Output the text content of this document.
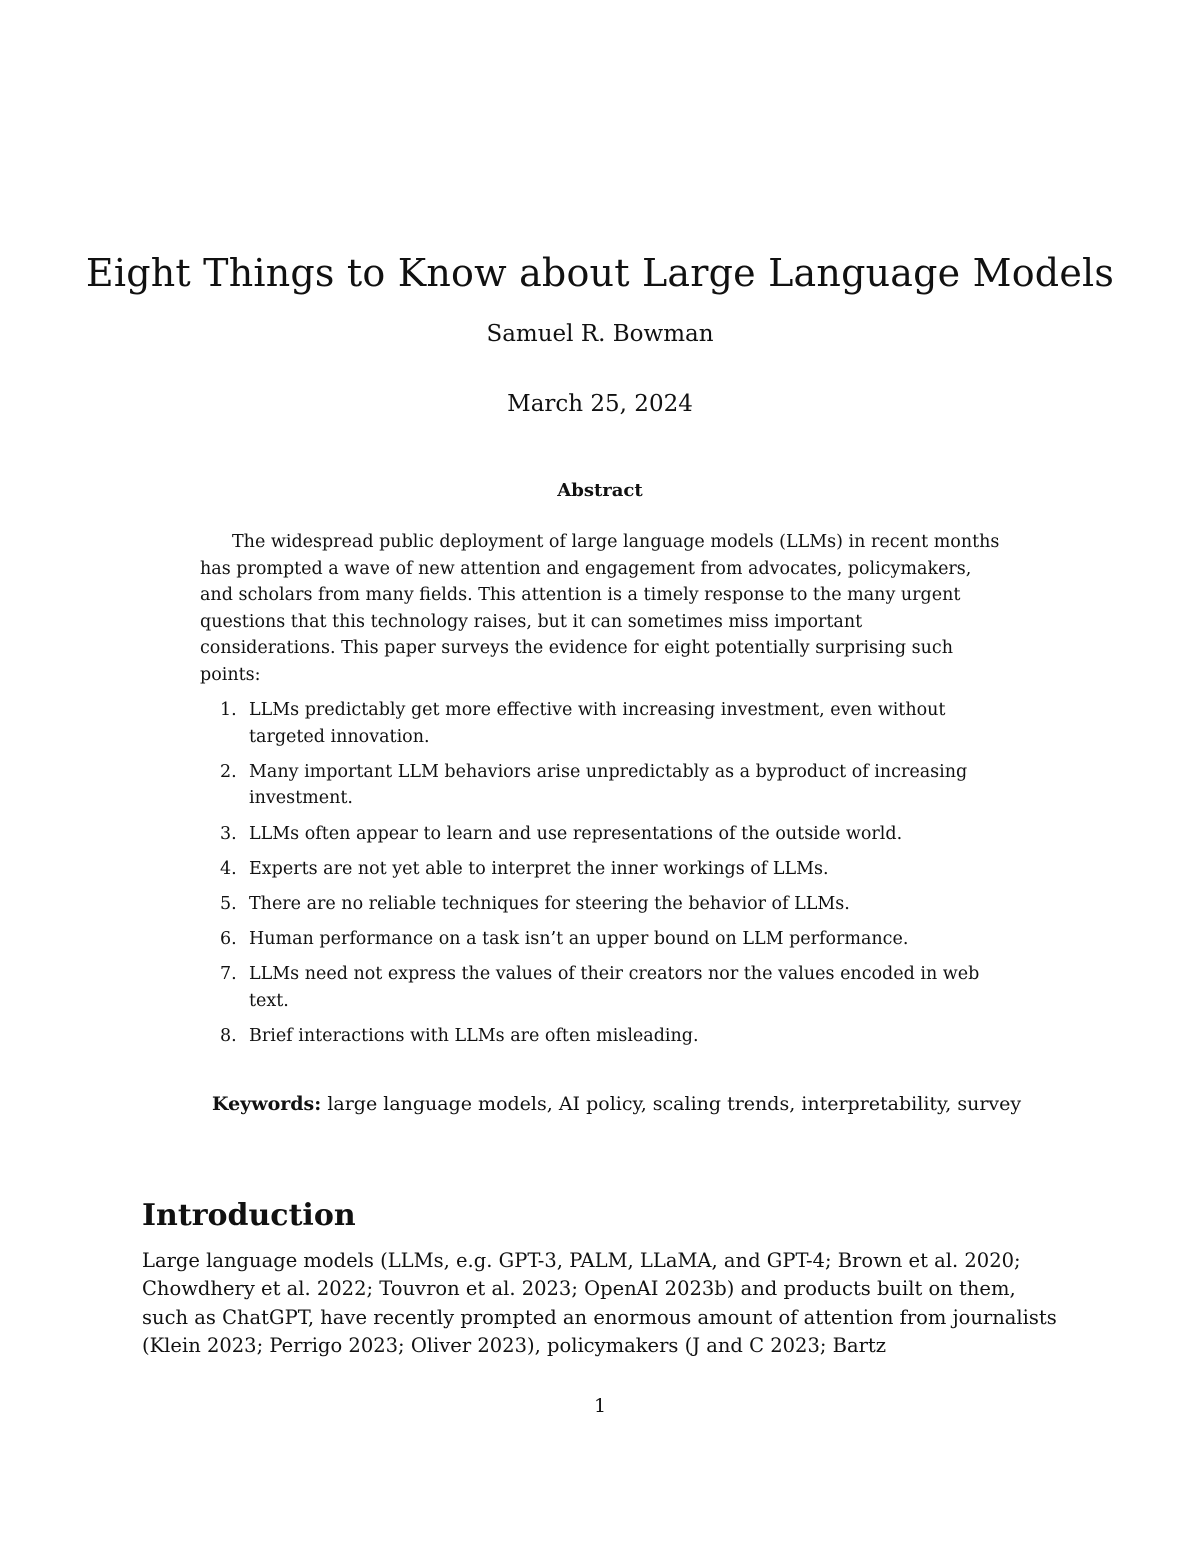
Eight Things to Know about Large Language Models
Samuel R. Bowman
March 25, 2024
Abstract

The widespread public deployment of large language models (LLMs) in recent months has prompted a wave of new attention and engagement from advocates, policymakers, and scholars from many fields. This attention is a timely response to the many urgent questions that this technology raises, but it can sometimes miss important considerations. This paper surveys the evidence for eight potentially surprising such points:

1. LLMs predictably get more effective with increasing investment, even without targeted innovation.
2. Many important LLM behaviors arise unpredictably as a byproduct of increasing investment.
3. LLMs often appear to learn and use representations of the outside world.
4. Experts are not yet able to interpret the inner workings of LLMs.
5. There are no reliable techniques for steering the behavior of LLMs.
6. Human performance on a task isn’t an upper bound on LLM performance.
7. LLMs need not express the values of their creators nor the values encoded in web text.
8. Brief interactions with LLMs are often misleading.
Keywords: large language models, AI policy, scaling trends, interpretability, survey
Introduction

Large language models (LLMs, e.g. GPT-3, PALM, LLaMA, and GPT-4; Brown et al. 2020; Chowdhery et al. 2022; Touvron et al. 2023; OpenAI 2023b) and products built on them, such as ChatGPT, have recently prompted an enormous amount of attention from journalists (Klein 2023; Perrigo 2023; Oliver 2023), policymakers (J and C 2023; Bartz

1
